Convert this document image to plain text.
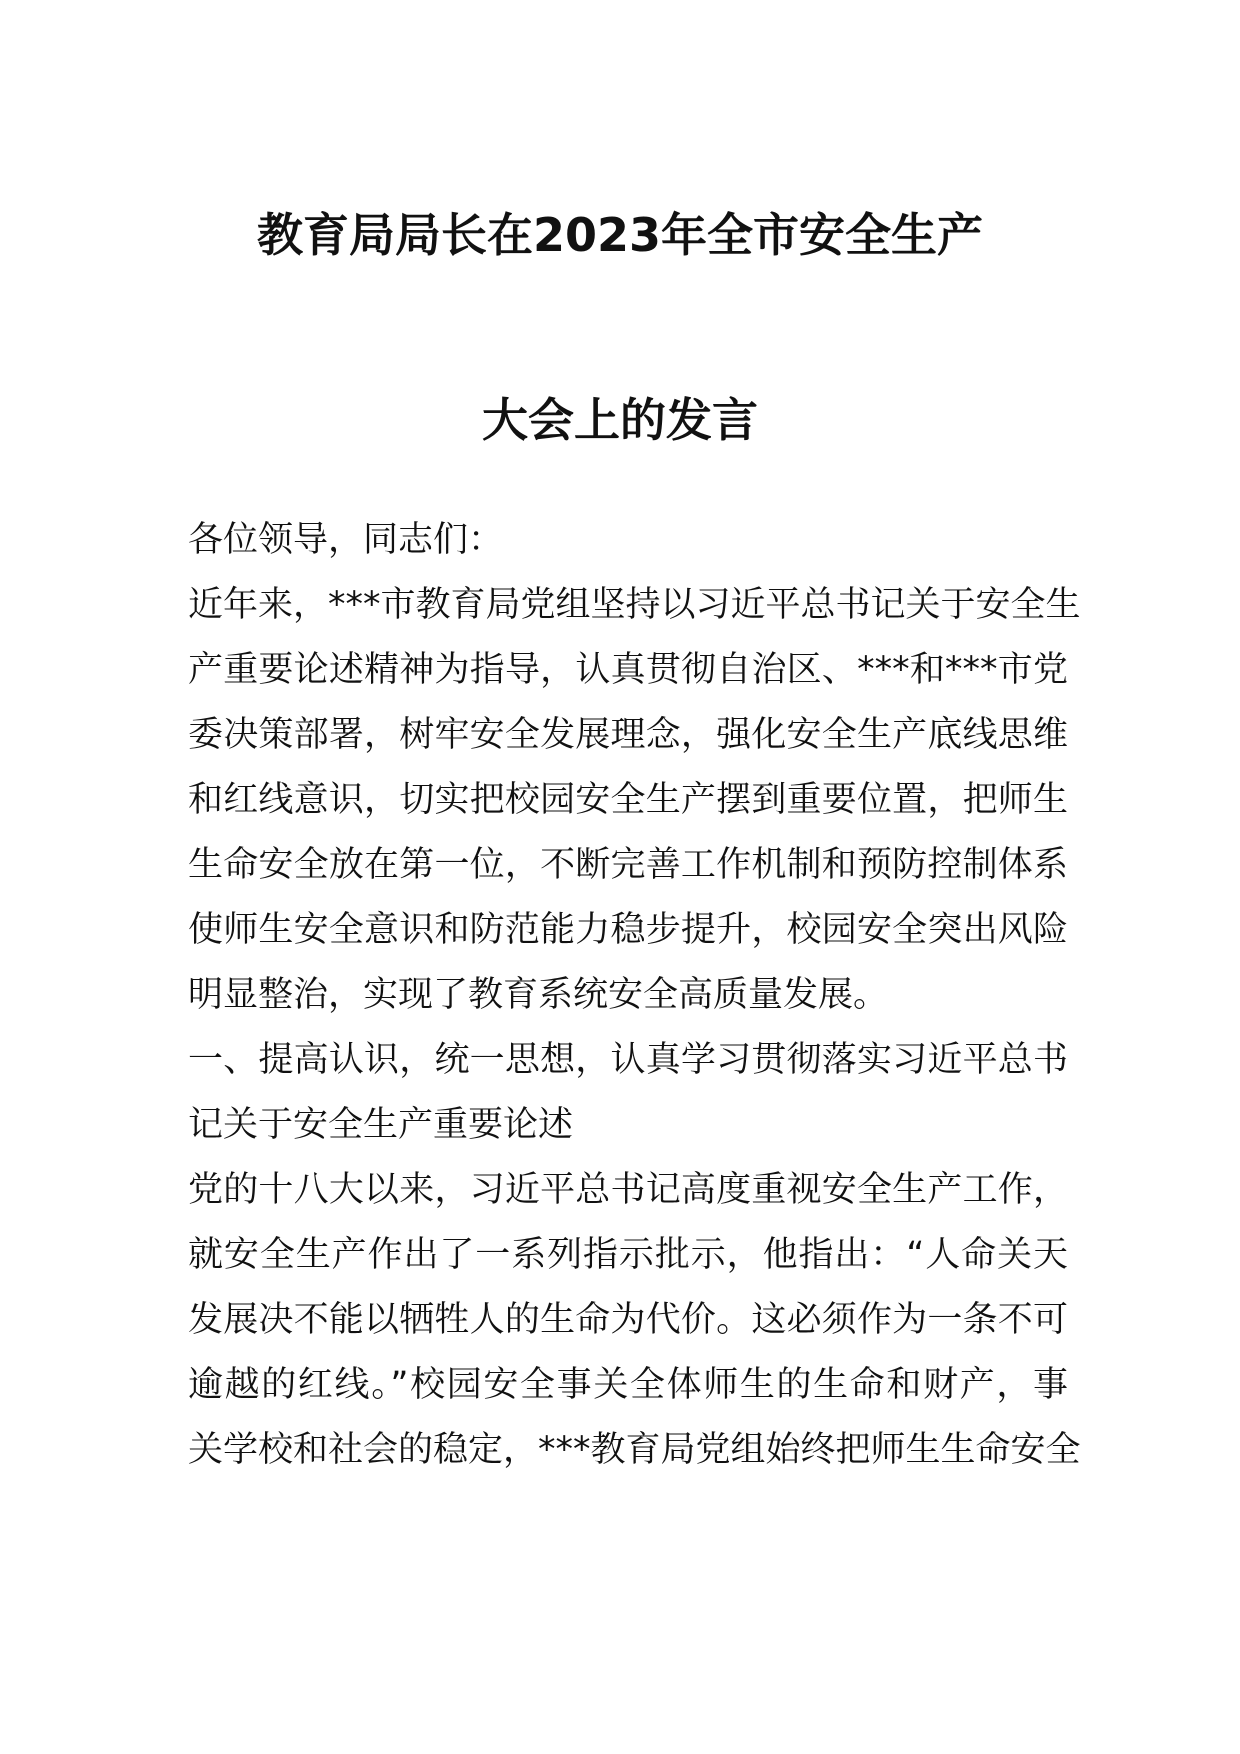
教育局局长在2023年全市安全生产
大会上的发言
各位领导，同志们：
近年来，***市教育局党组坚持以习近平总书记关于安全生
产重要论述精神为指导，认真贯彻自治区、***和***市党
委决策部署，树牢安全发展理念，强化安全生产底线思维
和红线意识，切实把校园安全生产摆到重要位置，把师生
生命安全放在第一位，不断完善工作机制和预防控制体系
使师生安全意识和防范能力稳步提升，校园安全突出风险
明显整治，实现了教育系统安全高质量发展。
一、提高认识，统一思想，认真学习贯彻落实习近平总书
记关于安全生产重要论述
党的十八大以来，习近平总书记高度重视安全生产工作，
就安全生产作出了一系列指示批示，他指出：“人命关天
发展决不能以牺牲人的生命为代价。这必须作为一条不可
逾越的红线。”校园安全事关全体师生的生命和财产，事
关学校和社会的稳定，***教育局党组始终把师生生命安全
